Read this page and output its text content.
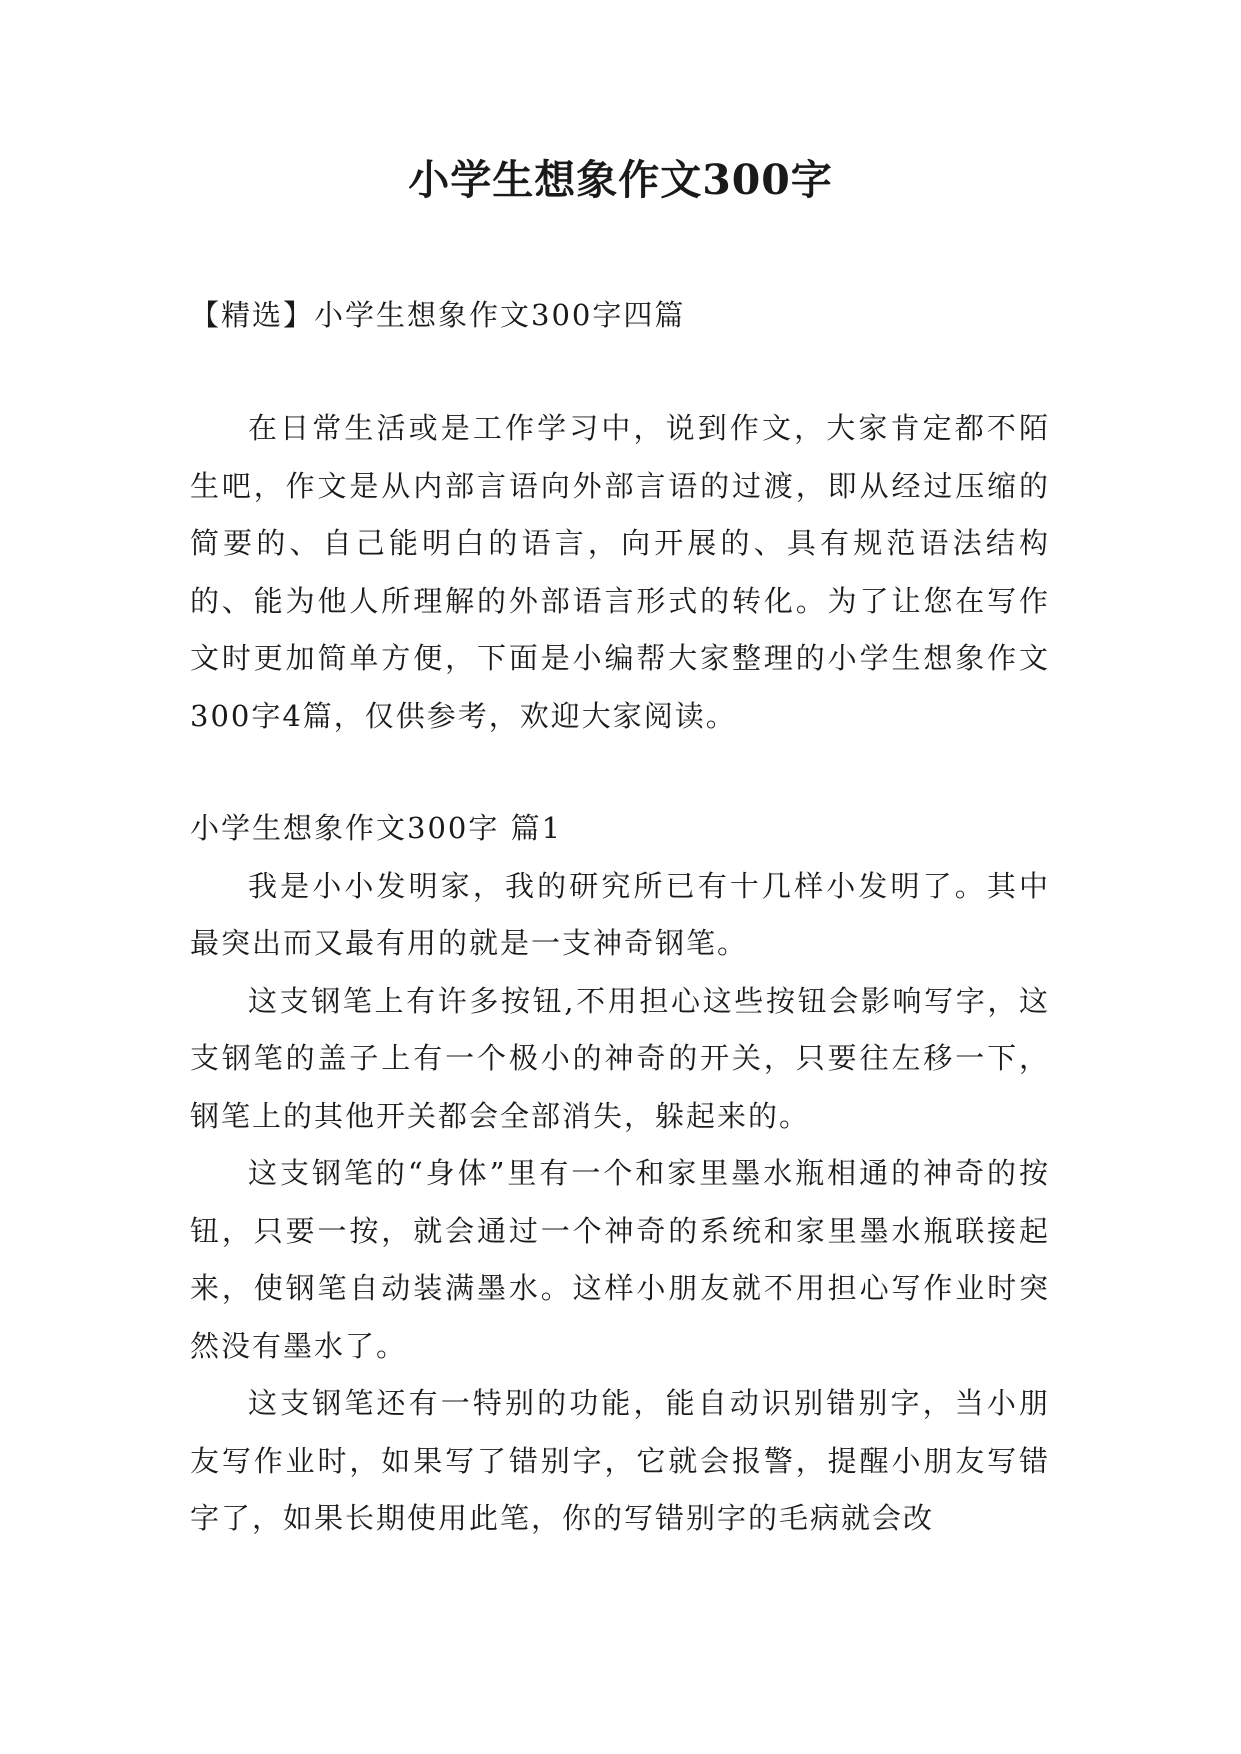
小学生想象作文300字

【精选】小学生想象作文300字四篇

在日常生活或是工作学习中，说到作文，大家肯定都不陌生吧，作文是从内部言语向外部言语的过渡，即从经过压缩的简要的、自己能明白的语言，向开展的、具有规范语法结构的、能为他人所理解的外部语言形式的转化。为了让您在写作文时更加简单方便，下面是小编帮大家整理的小学生想象作文300字4篇，仅供参考，欢迎大家阅读。

小学生想象作文300字 篇1

我是小小发明家，我的研究所已有十几样小发明了。其中最突出而又最有用的就是一支神奇钢笔。

这支钢笔上有许多按钮,不用担心这些按钮会影响写字，这支钢笔的盖子上有一个极小的神奇的开关，只要往左移一下，钢笔上的其他开关都会全部消失，躲起来的。

这支钢笔的“身体”里有一个和家里墨水瓶相通的神奇的按钮，只要一按，就会通过一个神奇的系统和家里墨水瓶联接起来，使钢笔自动装满墨水。这样小朋友就不用担心写作业时突然没有墨水了。

这支钢笔还有一特别的功能，能自动识别错别字，当小朋友写作业时，如果写了错别字，它就会报警，提醒小朋友写错字了，如果长期使用此笔，你的写错别字的毛病就会改
